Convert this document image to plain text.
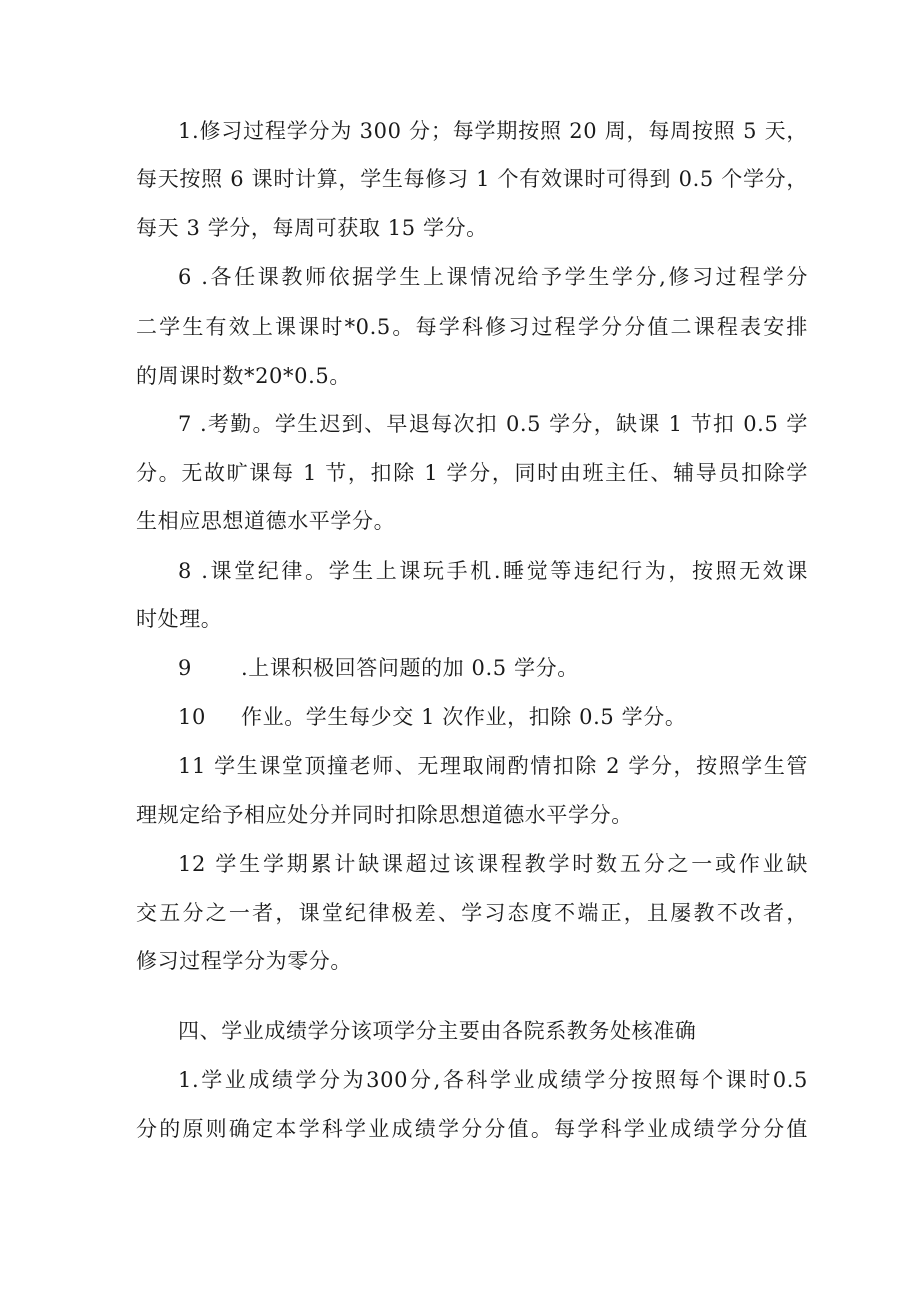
1.修习过程学分为 300 分；每学期按照 20 周，每周按照 5 天，
每天按照 6 课时计算，学生每修习 1 个有效课时可得到 0.5 个学分，
每天 3 学分，每周可获取 15 学分。
6 .各任课教师依据学生上课情况给予学生学分,修习过程学分
二学生有效上课课时*0.5。每学科修习过程学分分值二课程表安排
的周课时数*20*0.5。
7 .考勤。学生迟到、早退每次扣 0.5 学分，缺课 1 节扣 0.5 学
分。无故旷课每 1 节，扣除 1 学分，同时由班主任、辅导员扣除学
生相应思想道德水平学分。
8 .课堂纪律。学生上课玩手机.睡觉等违纪行为，按照无效课
时处理。
9 .上课积极回答问题的加 0.5 学分。
10 作业。学生每少交 1 次作业，扣除 0.5 学分。
11 学生课堂顶撞老师、无理取闹酌情扣除 2 学分，按照学生管
理规定给予相应处分并同时扣除思想道德水平学分。
12 学生学期累计缺课超过该课程教学时数五分之一或作业缺
交五分之一者，课堂纪律极差、学习态度不端正，且屡教不改者，
修习过程学分为零分。
四、学业成绩学分该项学分主要由各院系教务处核准确
1.学业成绩学分为300分,各科学业成绩学分按照每个课时0.5
分的原则确定本学科学业成绩学分分值。每学科学业成绩学分分值
